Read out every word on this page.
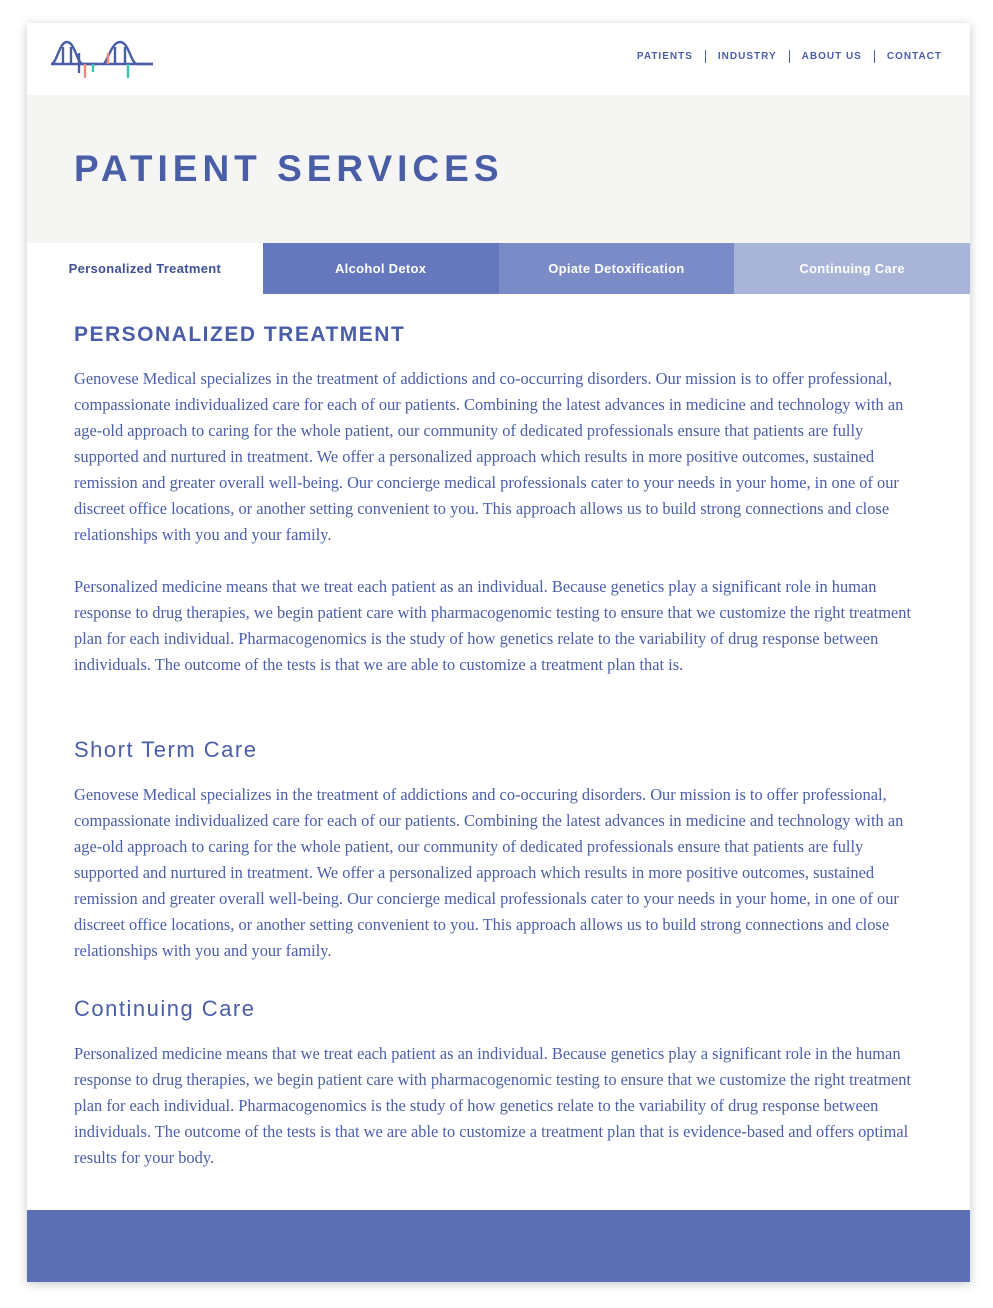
PATIENTS	INDUSTRY	ABOUT US	CONTACT
PATIENT SERVICES
Personalized Treatment	Alcohol Detox	Opiate Detoxification	Continuing Care
PERSONALIZED TREATMENT

Genovese Medical specializes in the treatment of addictions and co-occurring disorders. Our mission is to offer professional, compassionate individualized care for each of our patients. Combining the latest advances in medicine and technology with an age-old approach to caring for the whole patient, our community of dedicated professionals ensure that patients are fully supported and nurtured in treatment. We offer a personalized approach which results in more positive outcomes, sustained remission and greater overall well-being. Our concierge medical professionals cater to your needs in your home, in one of our discreet office locations, or another setting convenient to you. This approach allows us to build strong connections and close relationships with you and your family.

Personalized medicine means that we treat each patient as an individual. Because genetics play a significant role in human response to drug therapies, we begin patient care with pharmacogenomic testing to ensure that we customize the right treatment plan for each individual. Pharmacogenomics is the study of how genetics relate to the variability of drug response between individuals. The outcome of the tests is that we are able to customize a treatment plan that is.

Short Term Care

Genovese Medical specializes in the treatment of addictions and co-occuring disorders. Our mission is to offer professional, compassionate individualized care for each of our patients. Combining the latest advances in medicine and technology with an age-old approach to caring for the whole patient, our community of dedicated professionals ensure that patients are fully supported and nurtured in treatment. We offer a personalized approach which results in more positive outcomes, sustained remission and greater overall well-being. Our concierge medical professionals cater to your needs in your home, in one of our discreet office locations, or another setting convenient to you. This approach allows us to build strong connections and close relationships with you and your family.

Continuing Care

Personalized medicine means that we treat each patient as an individual. Because genetics play a significant role in the human response to drug therapies, we begin patient care with pharmacogenomic testing to ensure that we customize the right treatment plan for each individual. Pharmacogenomics is the study of how genetics relate to the variability of drug response between individuals. The outcome of the tests is that we are able to customize a treatment plan that is evidence-based and offers optimal results for your body.
